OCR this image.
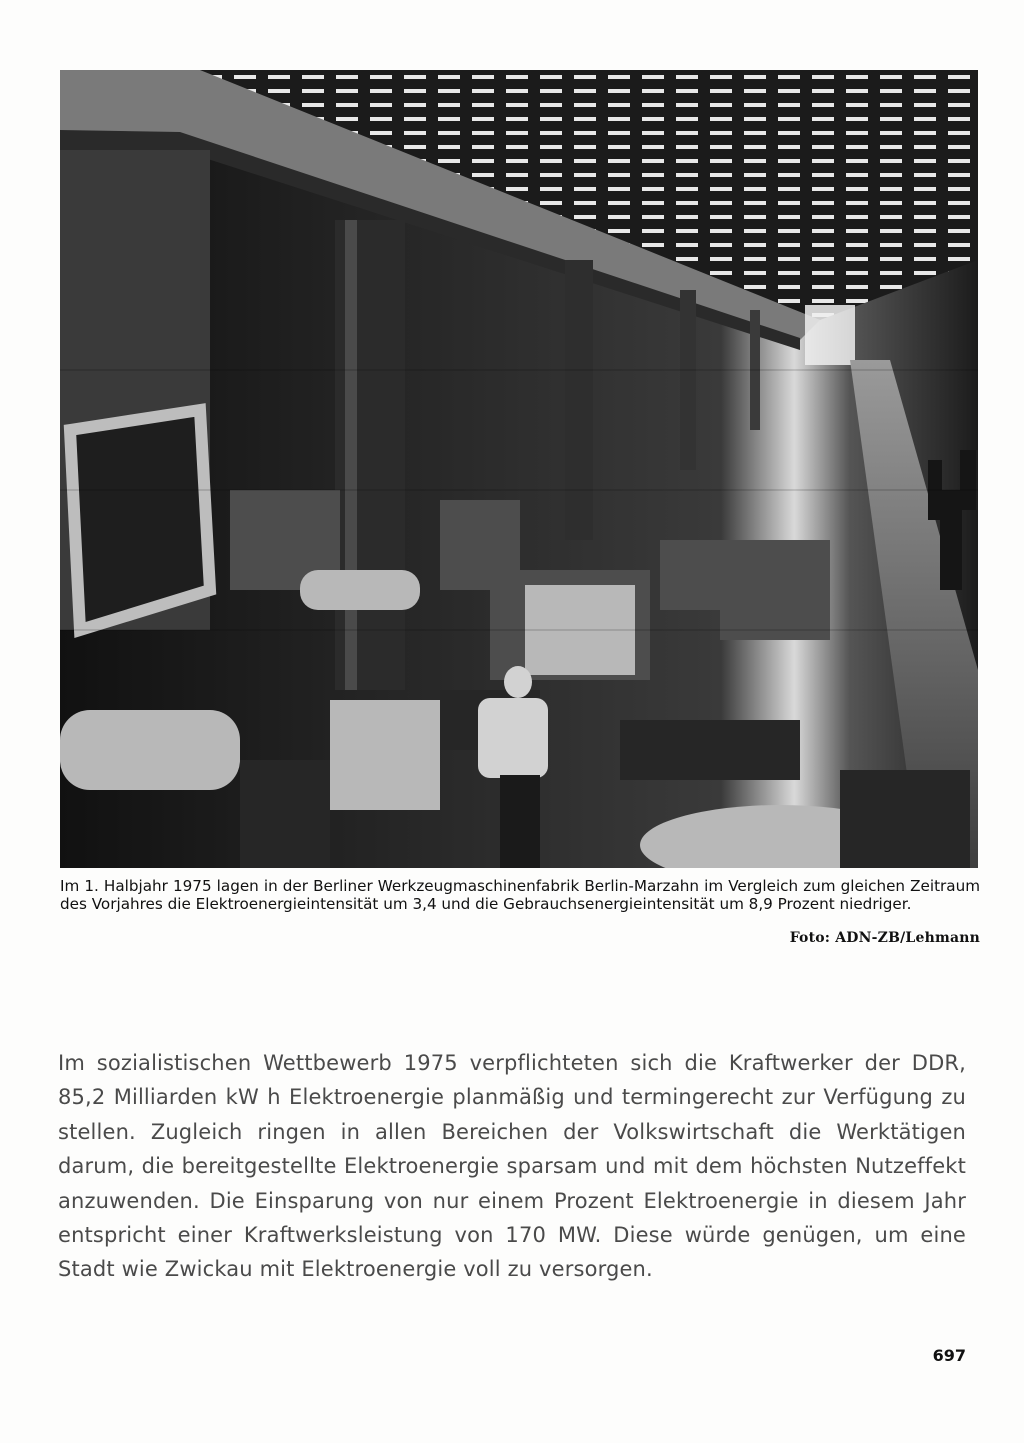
Im 1. Halbjahr 1975 lagen in der Berliner Werkzeugmaschinenfabrik Berlin-Marzahn im Vergleich zum gleichen Zeitraum des Vorjahres die Elektroenergieintensität um 3,4 und die Gebrauchsenergieintensität um 8,9 Prozent niedriger.
Foto: ADN-ZB/Lehmann

Im sozialistischen Wettbewerb 1975 verpflichteten sich die Kraftwerker der DDR, 85,2 Milliarden kW h Elektroenergie planmäßig und termingerecht zur Verfügung zu stellen. Zugleich ringen in allen Bereichen der Volkswirtschaft die Werktätigen darum, die bereitgestellte Elektroenergie sparsam und mit dem höchsten Nutzeffekt anzuwenden. Die Einsparung von nur einem Prozent Elektroenergie in diesem Jahr entspricht einer Kraftwerksleistung von 170 MW. Diese würde genügen, um eine Stadt wie Zwickau mit Elektroenergie voll zu versorgen.

697
